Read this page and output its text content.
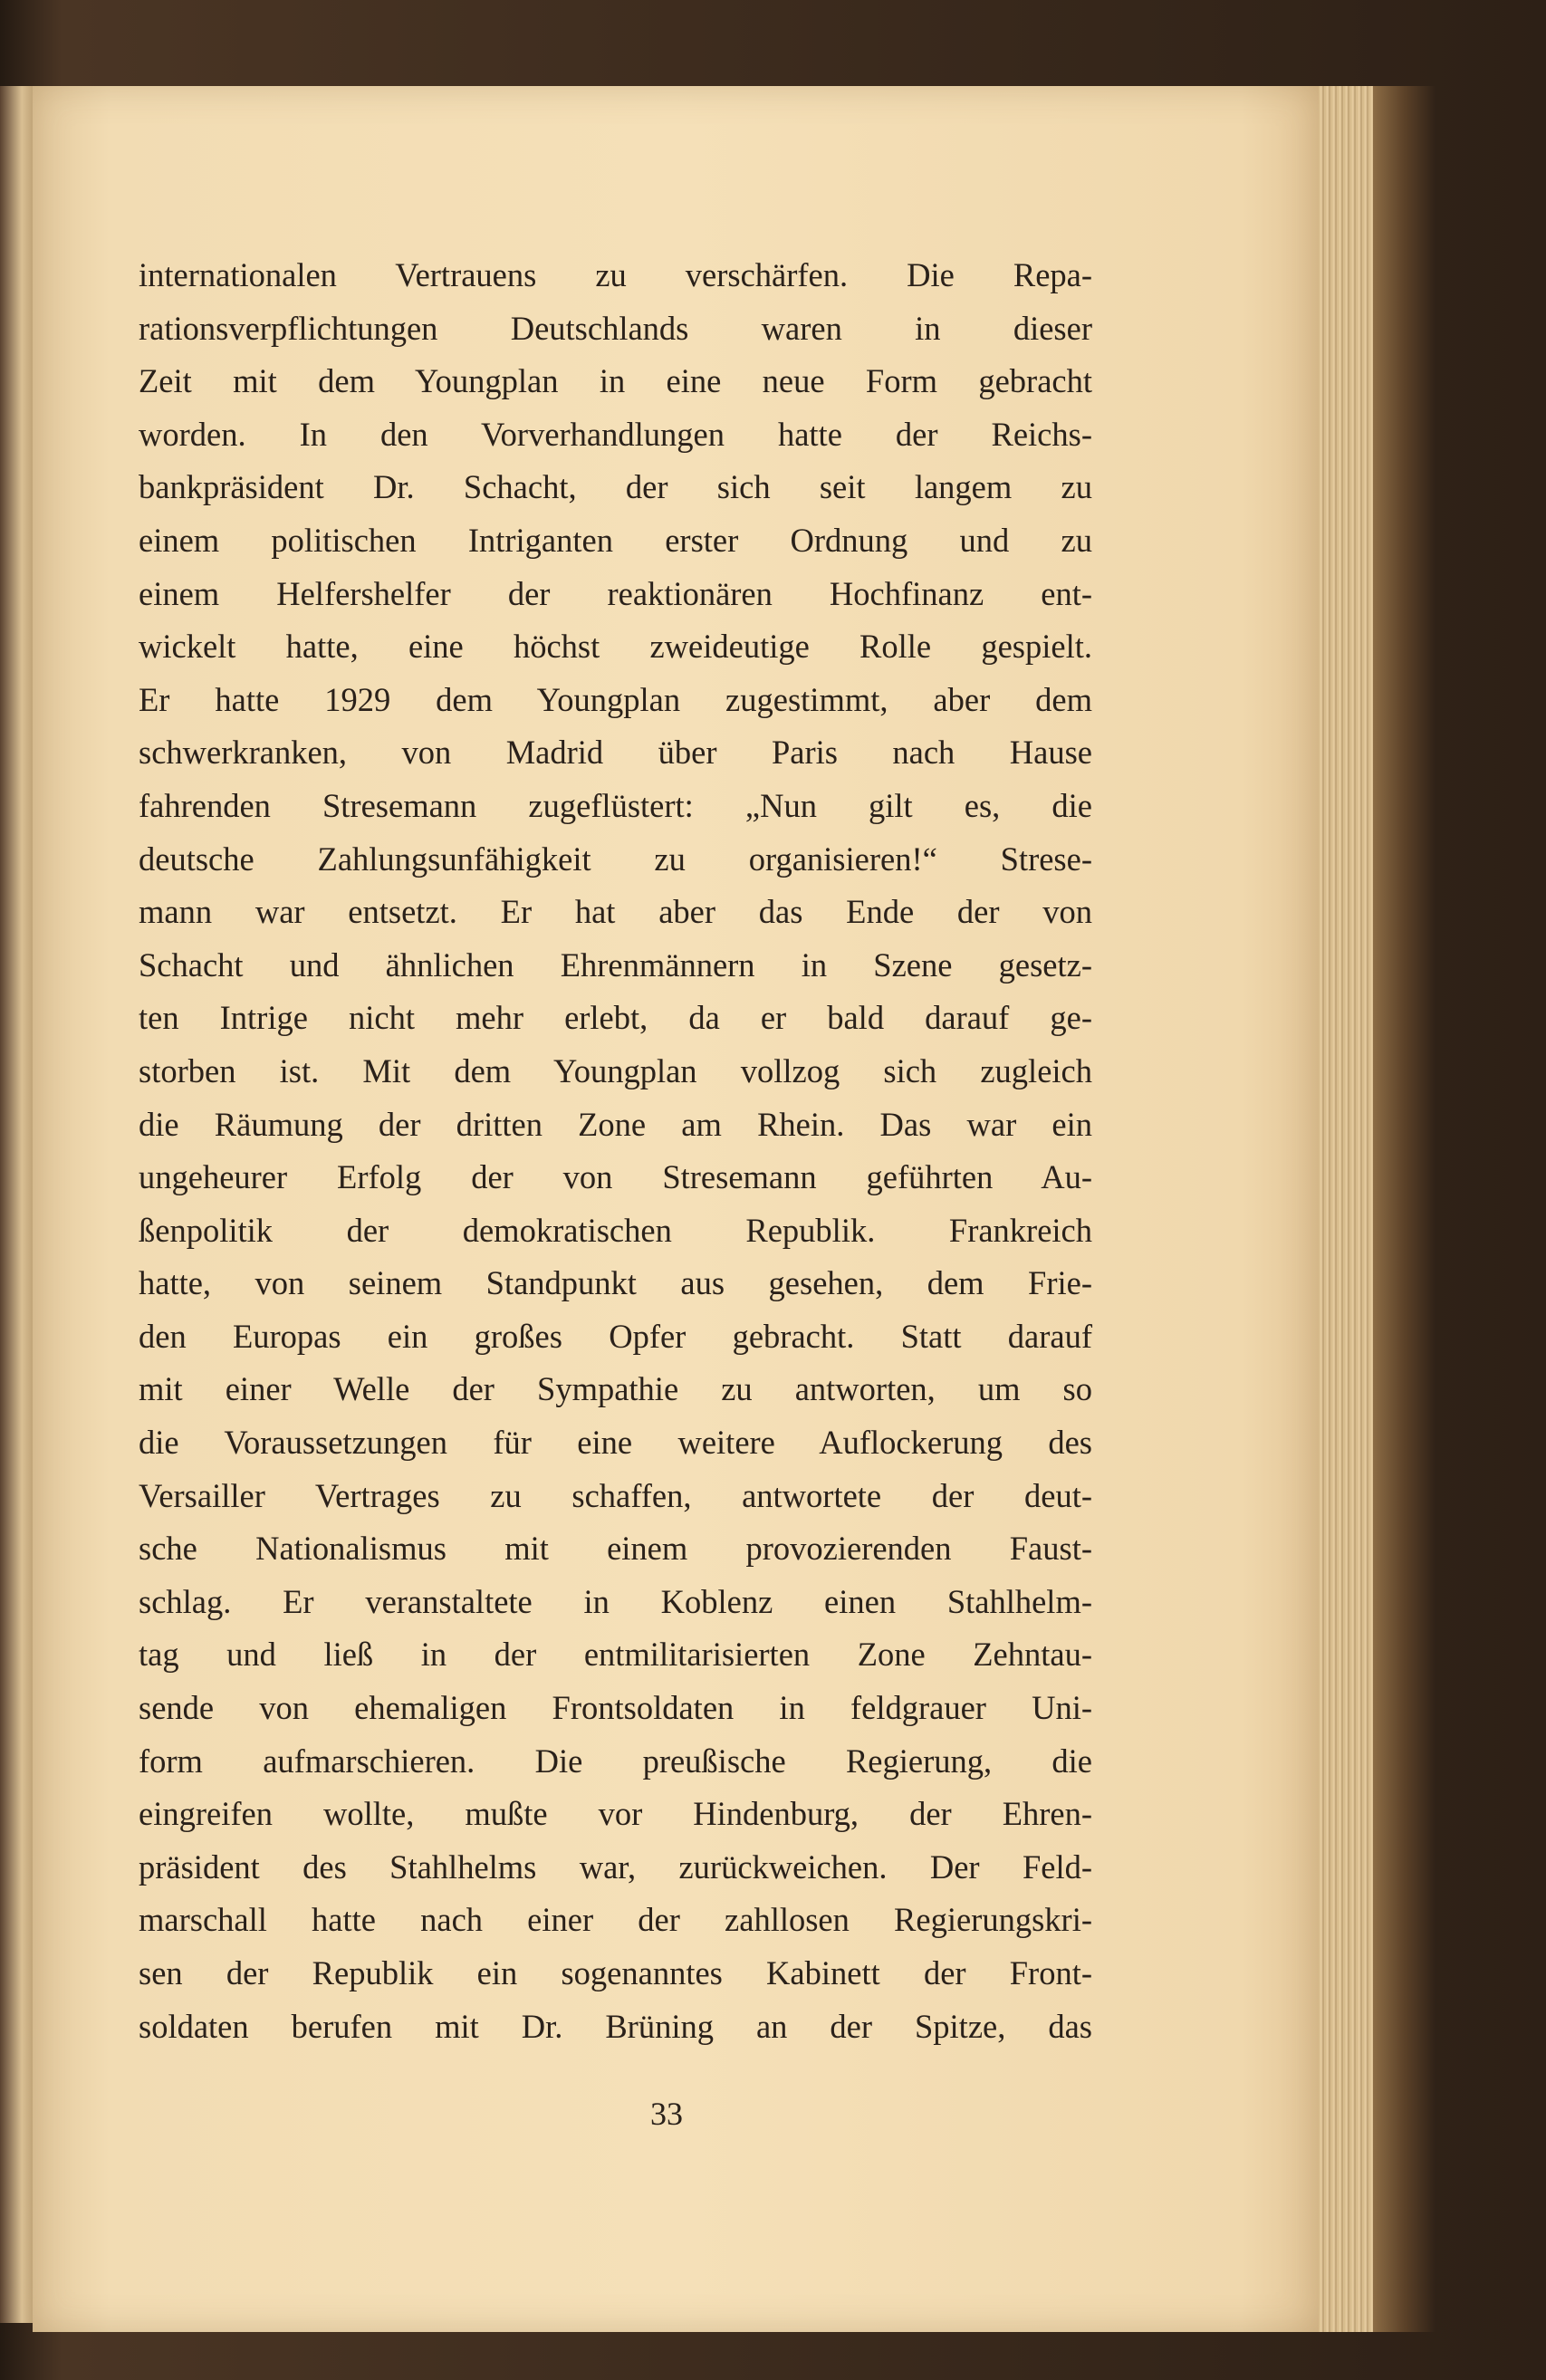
internationalen Vertrauens zu verschärfen. Die Repa-
rationsverpflichtungen Deutschlands waren in dieser
Zeit mit dem Youngplan in eine neue Form gebracht
worden. In den Vorverhandlungen hatte der Reichs-
bankpräsident Dr. Schacht, der sich seit langem zu
einem politischen Intriganten erster Ordnung und zu
einem Helfershelfer der reaktionären Hochfinanz ent-
wickelt hatte, eine höchst zweideutige Rolle gespielt.
Er hatte 1929 dem Youngplan zugestimmt, aber dem
schwerkranken, von Madrid über Paris nach Hause
fahrenden Stresemann zugeflüstert: „Nun gilt es, die
deutsche Zahlungsunfähigkeit zu organisieren!“ Strese-
mann war entsetzt. Er hat aber das Ende der von
Schacht und ähnlichen Ehrenmännern in Szene gesetz-
ten Intrige nicht mehr erlebt, da er bald darauf ge-
storben ist. Mit dem Youngplan vollzog sich zugleich
die Räumung der dritten Zone am Rhein. Das war ein
ungeheurer Erfolg der von Stresemann geführten Au-
ßenpolitik der demokratischen Republik. Frankreich
hatte, von seinem Standpunkt aus gesehen, dem Frie-
den Europas ein großes Opfer gebracht. Statt darauf
mit einer Welle der Sympathie zu antworten, um so
die Voraussetzungen für eine weitere Auflockerung des
Versailler Vertrages zu schaffen, antwortete der deut-
sche Nationalismus mit einem provozierenden Faust-
schlag. Er veranstaltete in Koblenz einen Stahlhelm-
tag und ließ in der entmilitarisierten Zone Zehntau-
sende von ehemaligen Frontsoldaten in feldgrauer Uni-
form aufmarschieren. Die preußische Regierung, die
eingreifen wollte, mußte vor Hindenburg, der Ehren-
präsident des Stahlhelms war, zurückweichen. Der Feld-
marschall hatte nach einer der zahllosen Regierungskri-
sen der Republik ein sogenanntes Kabinett der Front-
soldaten berufen mit Dr. Brüning an der Spitze, das
33
